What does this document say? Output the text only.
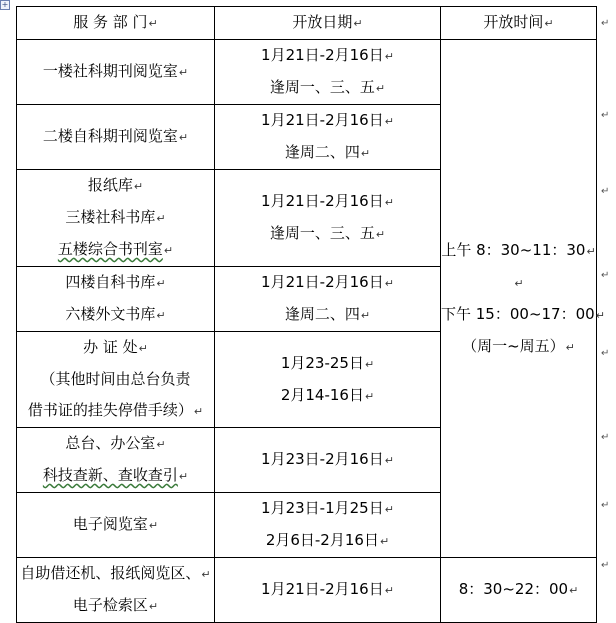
+
服 务 部 门↵	开放日期↵	开放时间↵

一楼社科期刊阅览室↵	1月21日-2月16日↵
逢周一、三、五↵	上午 8：30~11：30↵
↵
下午 15：00~17：00↵
（周一~周五）↵

二楼自科期刊阅览室↵	1月21日-2月16日↵
逢周二、四↵	

报纸库↵
三楼社科书库↵
五楼综合书刊室↵	1月21日-2月16日↵
逢周一、三、五↵	

四楼自科书库↵
六楼外文书库↵	1月21日-2月16日↵
逢周二、四↵	

办 证 处↵
（其他时间由总台负责
借书证的挂失停借手续）↵	1月23-25日↵
2月14-16日↵	

总台、办公室↵
科技查新、查收查引↵	1月23日-2月16日↵	

电子阅览室↵	1月23日-1月25日↵
2月6日-2月16日↵	

自助借还机、报纸阅览区、↵
电子检索区↵	1月21日-2月16日↵	8：30~22：00↵
↵
↵
↵
↵
↵
↵
↵
↵
